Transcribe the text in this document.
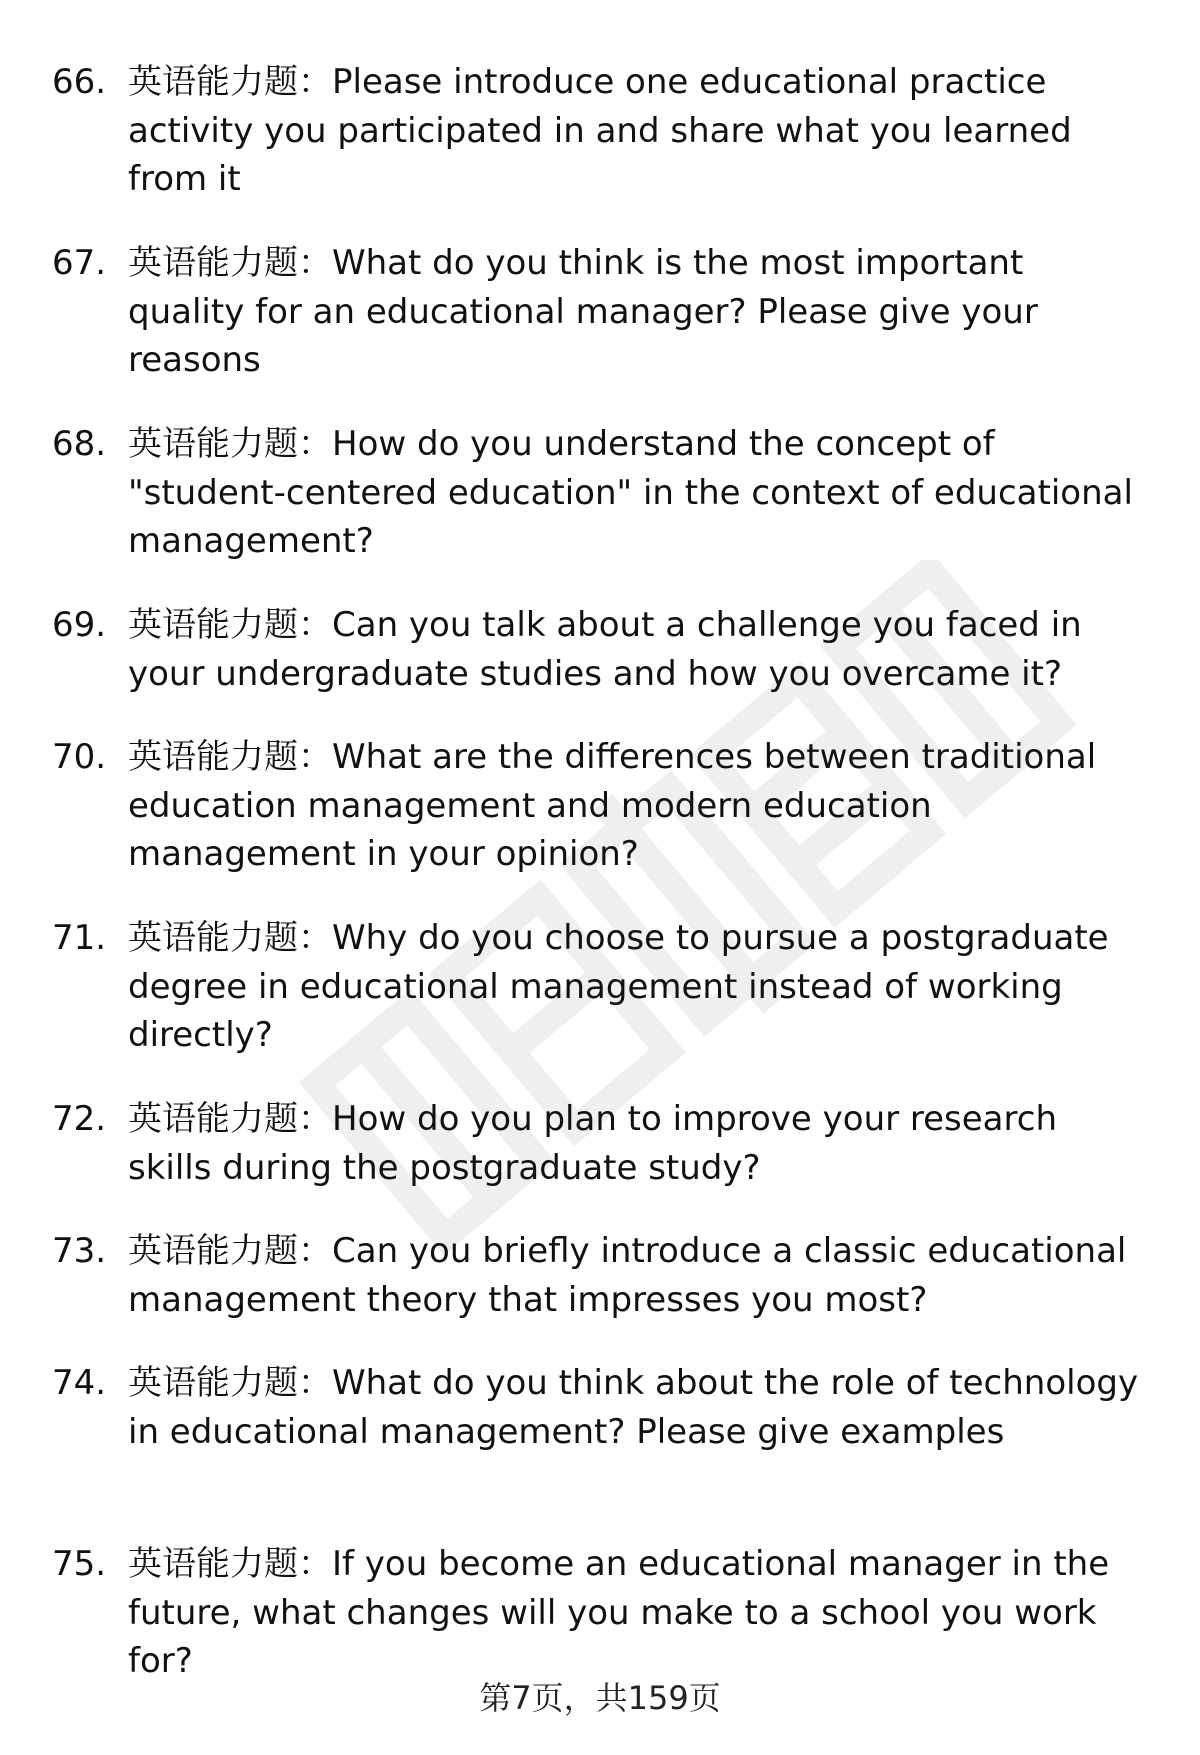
66. 英语能力题：Please introduce one educational practice activity you participated in and share what you learned from it
67. 英语能力题：What do you think is the most important quality for an educational manager? Please give your reasons
68. 英语能力题：How do you understand the concept of "student-centered education" in the context of educational management?
69. 英语能力题：Can you talk about a challenge you faced in your undergraduate studies and how you overcame it?
70. 英语能力题：What are the differences between traditional education management and modern education management in your opinion?
71. 英语能力题：Why do you choose to pursue a postgraduate degree in educational management instead of working directly?
72. 英语能力题：How do you plan to improve your research skills during the postgraduate study?
73. 英语能力题：Can you briefly introduce a classic educational management theory that impresses you most?
74. 英语能力题：What do you think about the role of technology in educational management? Please give examples
75. 英语能力题：If you become an educational manager in the future, what changes will you make to a school you work for?
第7页，共159页
